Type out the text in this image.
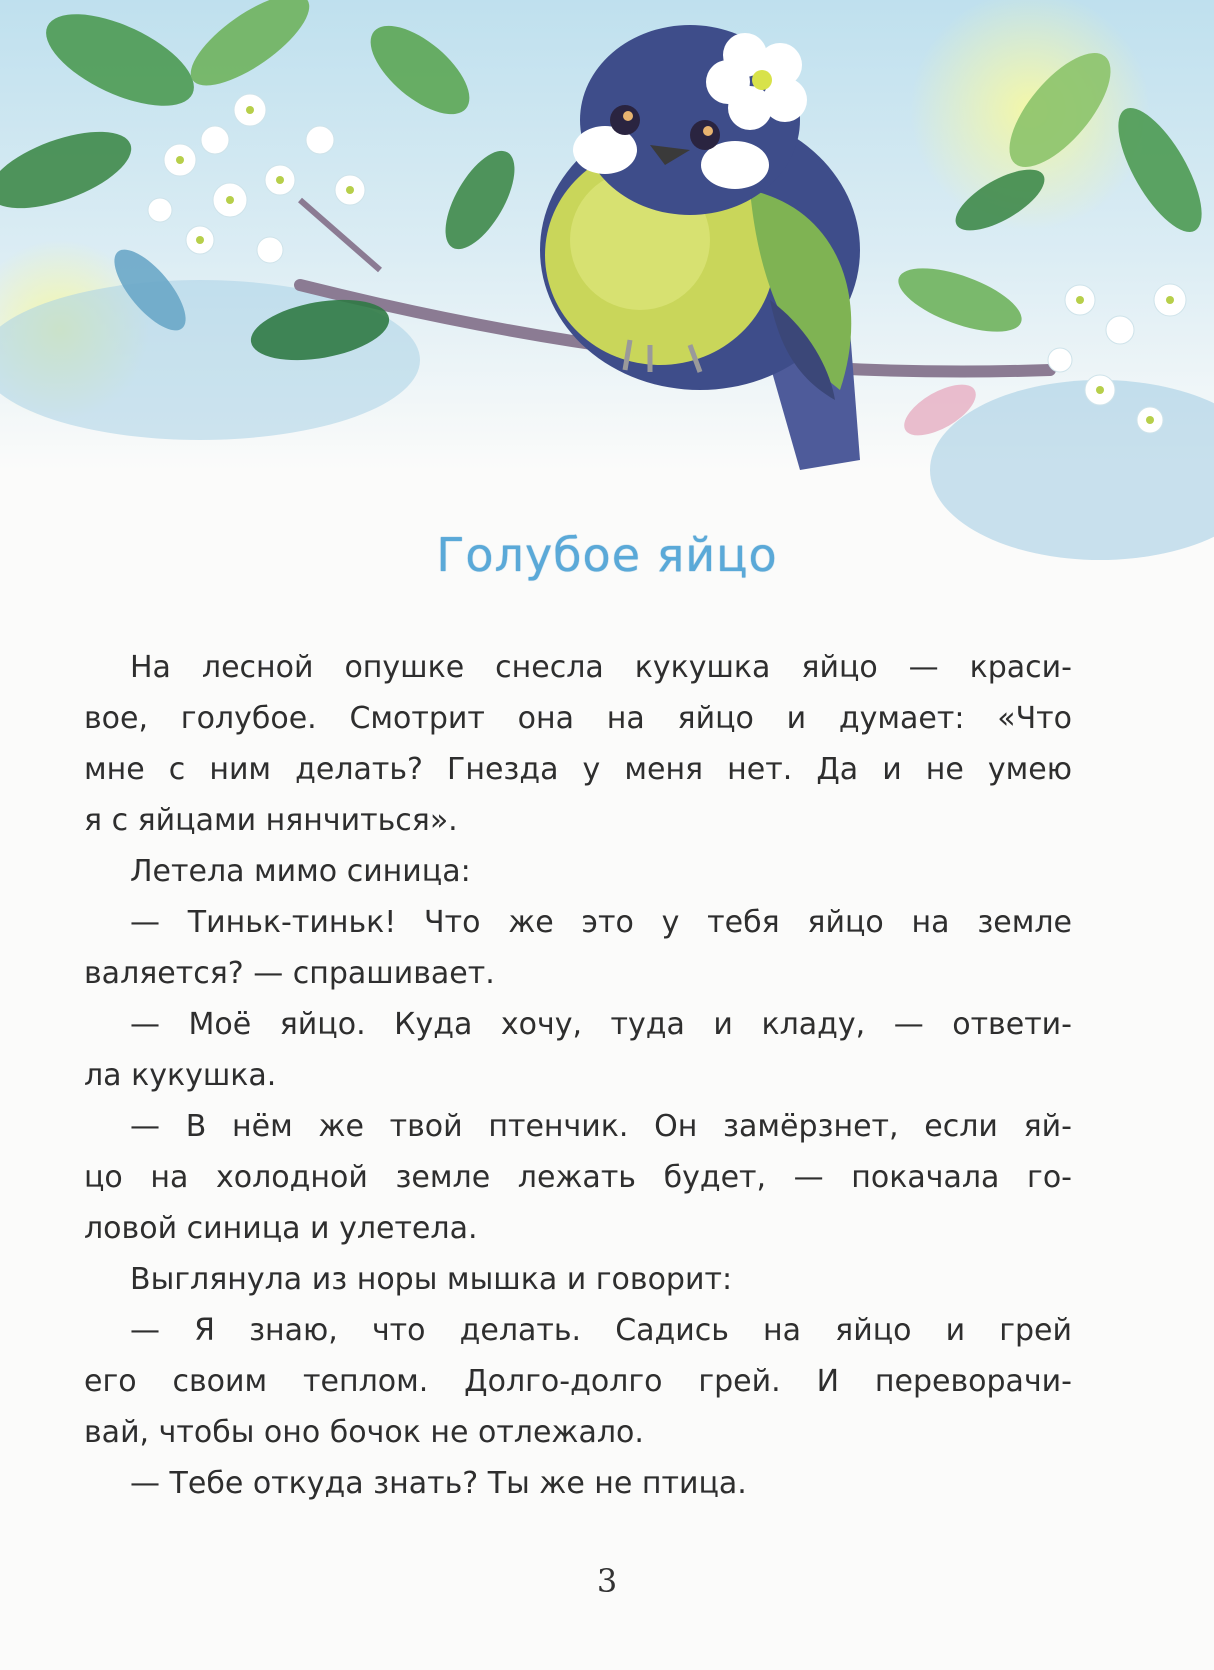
Голубое яйцо
На лесной опушке снесла кукушка яйцо — краси-
вое, голубое. Смотрит она на яйцо и думает: «Что
мне с ним делать? Гнезда у меня нет. Да и не умею
я с яйцами нянчиться».
Летела мимо синица:
— Тиньк-тиньк! Что же это у тебя яйцо на земле
валяется? — спрашивает.
— Моё яйцо. Куда хочу, туда и кладу, — ответи-
ла кукушка.
— В нём же твой птенчик. Он замёрзнет, если яй-
цо на холодной земле лежать будет, — покачала го-
ловой синица и улетела.
Выглянула из норы мышка и говорит:
— Я знаю, что делать. Садись на яйцо и грей
его своим теплом. Долго-долго грей. И переворачи-
вай, чтобы оно бочок не отлежало.
— Тебе откуда знать? Ты же не птица.
3
